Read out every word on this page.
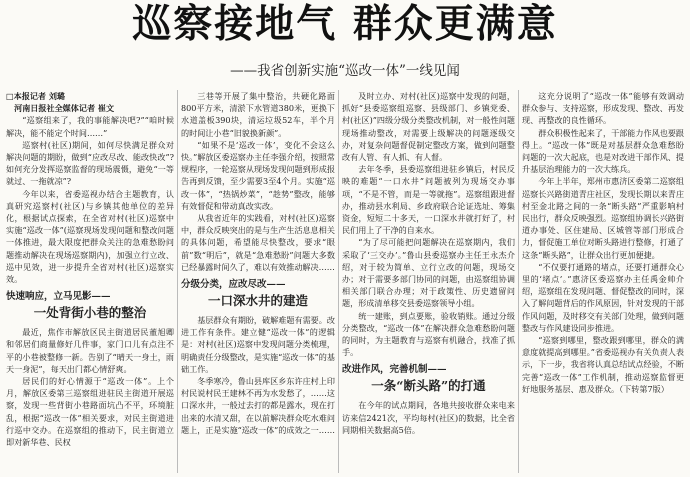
巡察接地气 群众更满意
——我省创新实施“巡改一体”一线见闻
□本报记者 刘璐
河南日报社全媒体记者 崔文

“巡察组来了，我的事能解决吧?”“咱时候解决，能不能定个时间……”

巡察村(社区)期间，如何尽快满足群众对解决问题的期盼，做到“应改尽改、能改快改”?如何充分发挥巡察监督的现场震慑，避免“一等就过、一拖就凉”?

今年以来，省委巡视办结合主题教育，认真研究巡察村(社区)与乡镇其他单位的差异化，根据试点探索，在全省对村(社区)巡察中实施“巡改一体”(巡察现场发现问题和整改问题一体推进，最大限度把群众关注的急难愁盼问题推动解决在现场巡察期内)，加强立行立改、巡中见效，进一步提升全省对村(社区)巡察实效。

快速响应，立马见影——
一处背街小巷的整治

最近，焦作市解放区民主街道居民董旭卿和邻居们商量修好几件事，家门口儿有点注不平的小巷被整修一新。告别了“晴天一身土，雨天一身泥”，每天出门都心情舒爽。

居民们的好心情源于“巡改一体”。上个月，解放区委第三巡察组进驻民主街道开展巡察，发现一些背街小巷路面坑凸不平，环境脏乱，根据“巡改一体”相关要求，对民主街道进行巡中交办。在巡察组的推动下，民主街道立即对新华巷、民权

三巷等开展了集中整治，共硬化路面800平方米，清淤下水管道380米，更换下水道盖板390块，清运垃圾52车，半个月的时间让小巷“旧貌换新颜”。

“如果不是‘巡改一体’，变化不会这么快。”解放区委巡察办主任李强介绍，按照常规程序，一轮巡察从现场发现问题到形成报告再到反馈，至少需要3至4个月。实施“巡改一体”，“热锅炒菜”，“趁势”整改，能够有效督促和带动真改实改。

从我省近年的实践看，对村(社区)巡察中，群众反映突出的是与生产生活息息相关的具体问题，希望能尽快整改，要求“眼前”数“明后”，就是“急难愁盼”问题大多数已经暴露时间久了，难以有效推动解决……

分级分类，应改尽改——
一口深水井的建造

基层群众有期盼，破解难题有需要。改进工作有条件。建立健“巡改一体”的逻辑是：对村(社区)巡察中发现问题分类梳理，明确责任分级整改，是实施“巡改一体”的基础工作。

冬季寒冷，鲁山县库区乡东许庄村上印村民说村民王建林不再为水发愁了，……这口深水井，一般过去打的都是露水，现在打出来的水清又甜，在以前解决群众吃水难问题上，正是实施“巡改一体”的成效之一……

及时立办、对村(社区)巡察中发现的问题，抓好“县委巡察组巡察、县级部门、乡镇党委、村(社区)”四级分级分类整改机制，对一般性问题现场推动整改，对需要上级解决的问题逐级交办，对复杂问题督促制定整改方案，做到问题整改有人管、有人抓、有人督。

去年冬季，县委巡察组进驻乡镇后，村民反映的难题“一口水井”问题被列为现场交办事项，“不是不管，而是一等就拖”。巡察组跟进督办，推动县水利局、乡政府联合论证选址、筹集资金，短短二十多天，一口深水井就打好了，村民们用上了干净的自来水。

“为了尽可能把问题解决在巡察期内，我们采取了‘三交办’。”鲁山县委巡察办主任王永杰介绍，对于较为简单、立行立改的问题，现场交办；对于需要多部门协同的问题，由巡察组协调相关部门联合办理；对于政策性、历史遗留问题，形成清单移交县委巡察领导小组。

统一建账，到点要账，验收销账。通过分级分类整改，“巡改一体”在解决群众急难愁盼问题的同时，为主题教育与巡察有机融合，找准了抓手。

改进作风，完善机制——
一条“断头路”的打通

在今年的试点期间，各地共接收群众来电来访来信2421次，平均每村(社区)的数据，比全省同期相关数据高5倍。

这充分说明了“巡改一体”能够有效调动群众参与、支持巡察，形成发现、整改、再发现、再整改的良性循环。

群众积极性起来了，干部能力作风也要跟得上。“巡改一体”既是对基层群众急难愁盼问题的一次大起底，也是对改进干部作风、提升基层治理能力的一次大练兵。

今年上半年，郑州市惠济区委第二巡察组巡察长兴路街道青庄社区，发现长期以来青庄村至金北路之间的一条“断头路”严重影响村民出行，群众反映强烈。巡察组协调长兴路街道办事处、区住建局、区城管等部门形成合力，督促施工单位对断头路进行整修，打通了这条“断头路”，让群众出行更加便捷。

“不仅要打通路的堵点，还要打通群众心里的‘堵点’。”惠济区委巡察办主任禹金帅介绍，巡察组在发现问题、督促整改的同时，深入了解问题背后的作风原因，针对发现的干部作风问题，及时移交有关部门处理，做到问题整改与作风建设同步推进。

“巡察到哪里，整改跟到哪里，群众的满意度就提高到哪里。”省委巡视办有关负责人表示，下一步，我省将认真总结试点经验，不断完善“巡改一体”工作机制，推动巡察监督更好地服务基层、惠及群众。（下转第7版）
